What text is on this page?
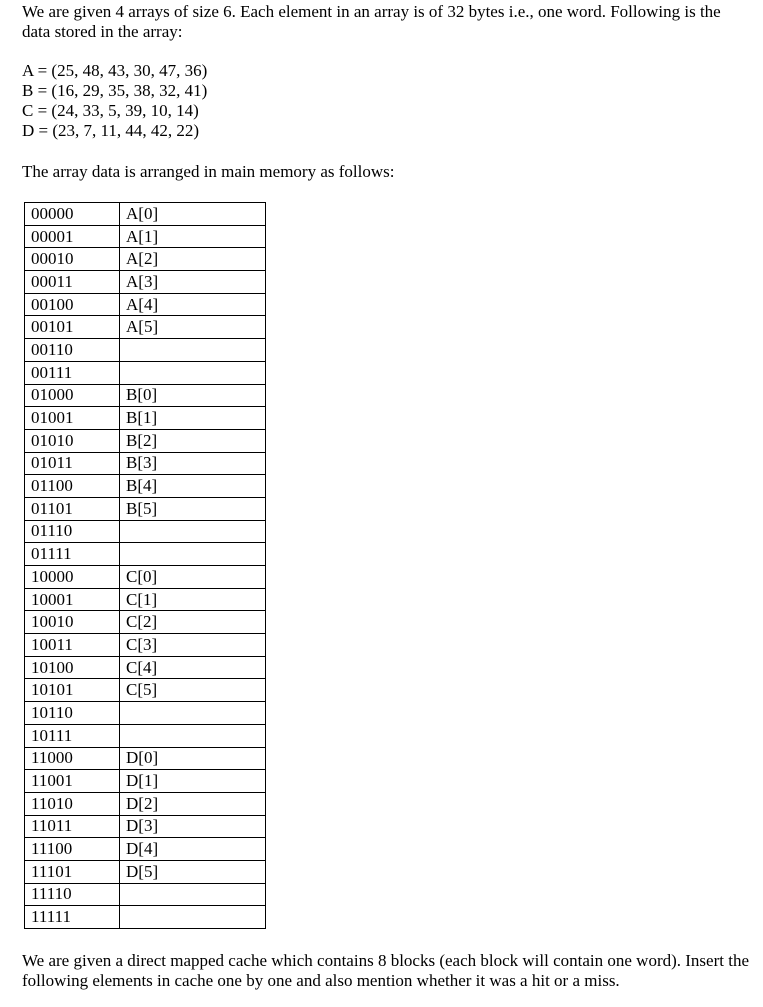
We are given 4 arrays of size 6. Each element in an array is of 32 bytes i.e., one word. Following is the data stored in the array:

A = (25, 48, 43, 30, 47, 36)
B = (16, 29, 35, 38, 32, 41)
C = (24, 33, 5, 39, 10, 14)
D = (23, 7, 11, 44, 42, 22)

The array data is arranged in main memory as follows:

00000	A[0]
00001	A[1]
00010	A[2]
00011	A[3]
00100	A[4]
00101	A[5]
00110	
00111	
01000	B[0]
01001	B[1]
01010	B[2]
01011	B[3]
01100	B[4]
01101	B[5]
01110	
01111	
10000	C[0]
10001	C[1]
10010	C[2]
10011	C[3]
10100	C[4]
10101	C[5]
10110	
10111	
11000	D[0]
11001	D[1]
11010	D[2]
11011	D[3]
11100	D[4]
11101	D[5]
11110	
11111	

We are given a direct mapped cache which contains 8 blocks (each block will contain one word). Insert the following elements in cache one by one and also mention whether it was a hit or a miss.
